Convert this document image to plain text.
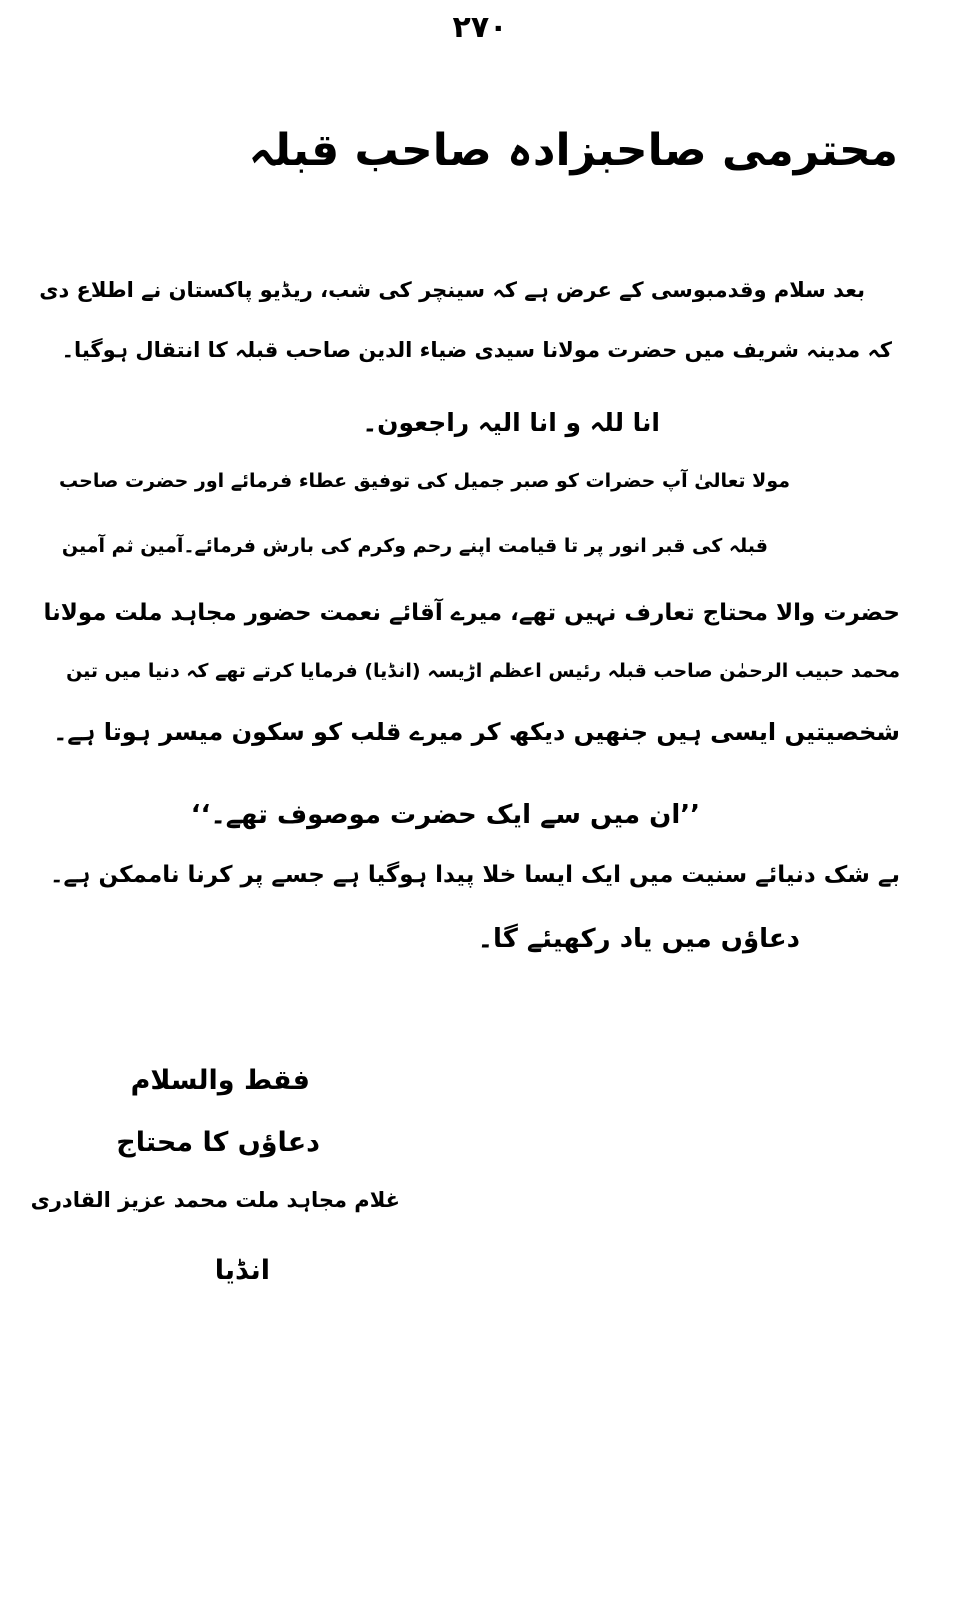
۲۷۰
محترمی صاحبزادہ صاحب قبلہ
بعد سلام وقدمبوسی کے عرض ہے کہ سینچر کی شب، ریڈیو پاکستان نے اطلاع دی
کہ مدینہ شریف میں حضرت مولانا سیدی ضیاء الدین صاحب قبلہ کا انتقال ہوگیا۔
انا للہ و انا الیہ راجعون۔
مولا تعالیٰ آپ حضرات کو صبر جمیل کی توفیق عطاء فرمائے اور حضرت صاحب
قبلہ کی قبر انور پر تا قیامت اپنے رحم وکرم کی بارش فرمائے۔آمین ثم آمین
حضرت والا محتاج تعارف نہیں تھے، میرے آقائے نعمت حضور مجاہد ملت مولانا
محمد حبیب الرحمٰن صاحب قبلہ رئیس اعظم اڑیسہ (انڈیا) فرمایا کرتے تھے کہ دنیا میں تین
شخصیتیں ایسی ہیں جنھیں دیکھ کر میرے قلب کو سکون میسر ہوتا ہے۔
’’ان میں سے ایک حضرت موصوف تھے۔‘‘
بے شک دنیائے سنیت میں ایک ایسا خلا پیدا ہوگیا ہے جسے پر کرنا ناممکن ہے۔
دعاؤں میں یاد رکھیئے گا۔
فقط والسلام
دعاؤں کا محتاج
غلام مجاہد ملت محمد عزیز القادری
انڈیا
